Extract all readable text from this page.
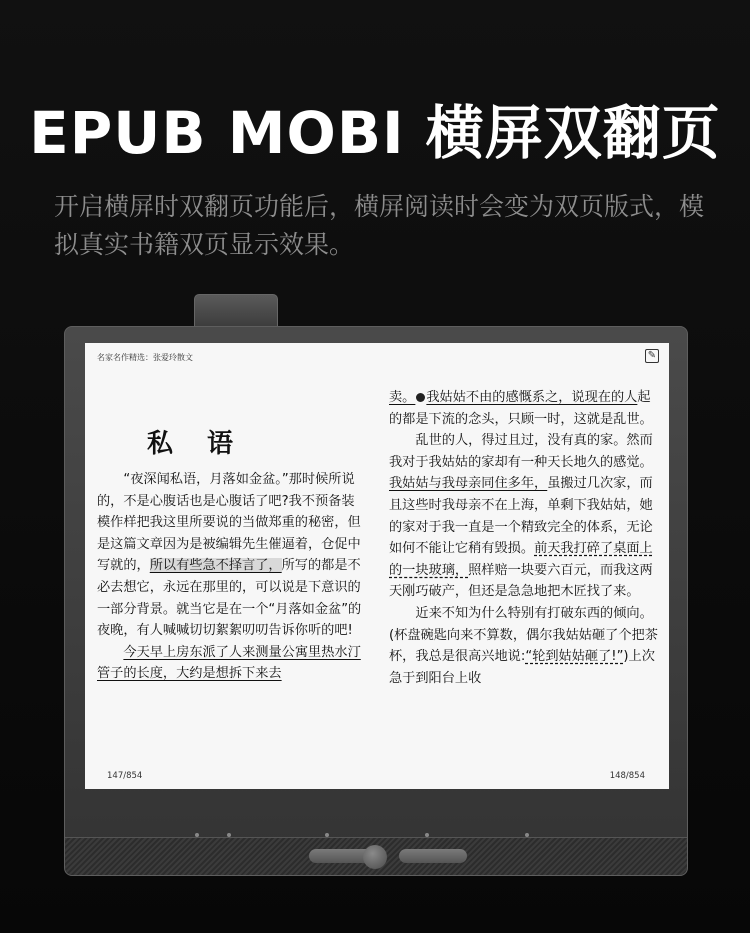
EPUB MOBI 横屏双翻页
开启横屏时双翻页功能后，横屏阅读时会变为双页版式，模拟真实书籍双页显示效果。
名家名作精选：张爱玲散文	✎
私语

“夜深闻私语，月落如金盆。”那时候所说的，不是心腹话也是心腹话了吧?我不预备装模作样把我这里所要说的当做郑重的秘密，但是这篇文章因为是被编辑先生催逼着，仓促中写就的，所以有些急不择言了，所写的都是不必去想它，永远在那里的，可以说是下意识的一部分背景。就当它是在一个“月落如金盆”的夜晚，有人喊喊切切絮絮叨叨告诉你听的吧!

今天早上房东派了人来测量公寓里热水汀管子的长度，大约是想拆下来去

147/854

卖。 我姑姑不由的感慨系之，说现在的人起的都是下流的念头，只顾一时，这就是乱世。

乱世的人，得过且过，没有真的家。然而我对于我姑姑的家却有一种天长地久的感觉。我姑姑与我母亲同住多年，虽搬过几次家，而且这些时我母亲不在上海，单剩下我姑姑，她的家对于我一直是一个精致完全的体系，无论如何不能让它稍有毁损。前天我打碎了桌面上的一块玻璃，照样赔一块要六百元，而我这两天刚巧破产，但还是急急地把木匠找了来。

近来不知为什么特别有打破东西的倾向。(杯盘碗匙向来不算数，偶尔我姑姑砸了个把茶杯，我总是很高兴地说:“轮到姑姑砸了!”)上次急于到阳台上收

148/854
